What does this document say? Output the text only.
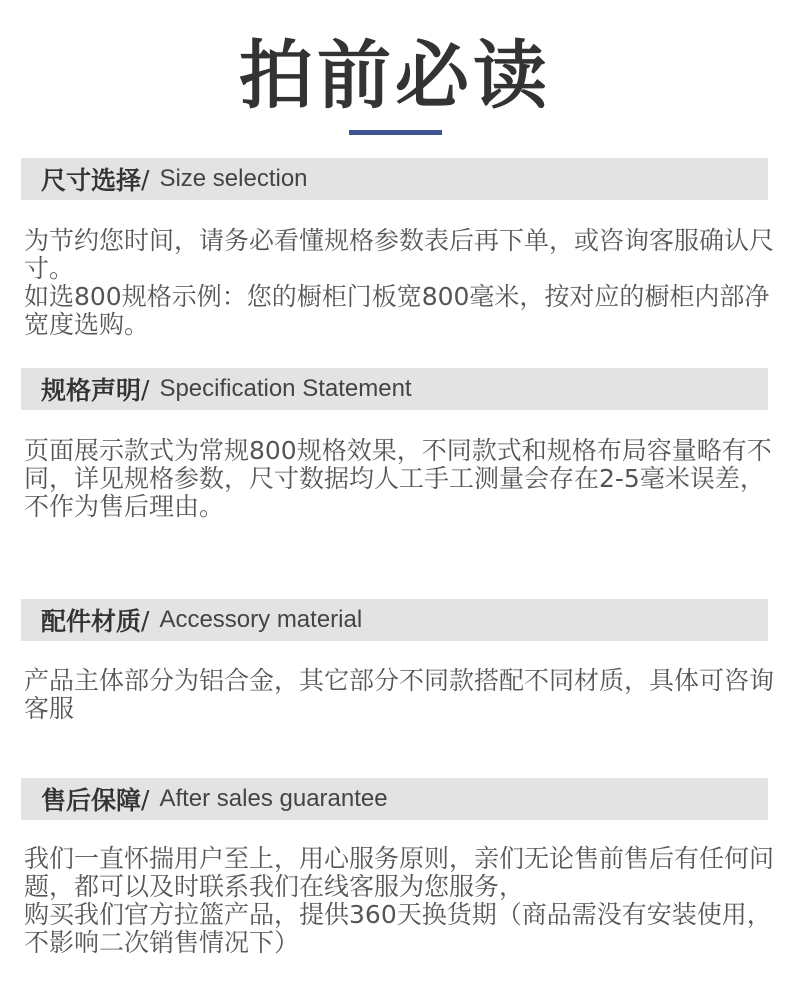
拍前必读
尺寸选择 / Size selection

为节约您时间，请务必看懂规格参数表后再下单，或咨询客服确认尺寸。

如选800规格示例：您的橱柜门板宽800毫米，按对应的橱柜内部净宽度选购。

规格声明 / Specification Statement

页面展示款式为常规800规格效果，不同款式和规格布局容量略有不同，详见规格参数，尺寸数据均人工手工测量会存在2-5毫米误差，不作为售后理由。

配件材质 / Accessory material

产品主体部分为铝合金，其它部分不同款搭配不同材质，具体可咨询客服

售后保障 / After sales guarantee

我们一直怀揣用户至上，用心服务原则，亲们无论售前售后有任何问题，都可以及时联系我们在线客服为您服务，

购买我们官方拉篮产品，提供360天换货期（商品需没有安装使用，不影响二次销售情况下）
